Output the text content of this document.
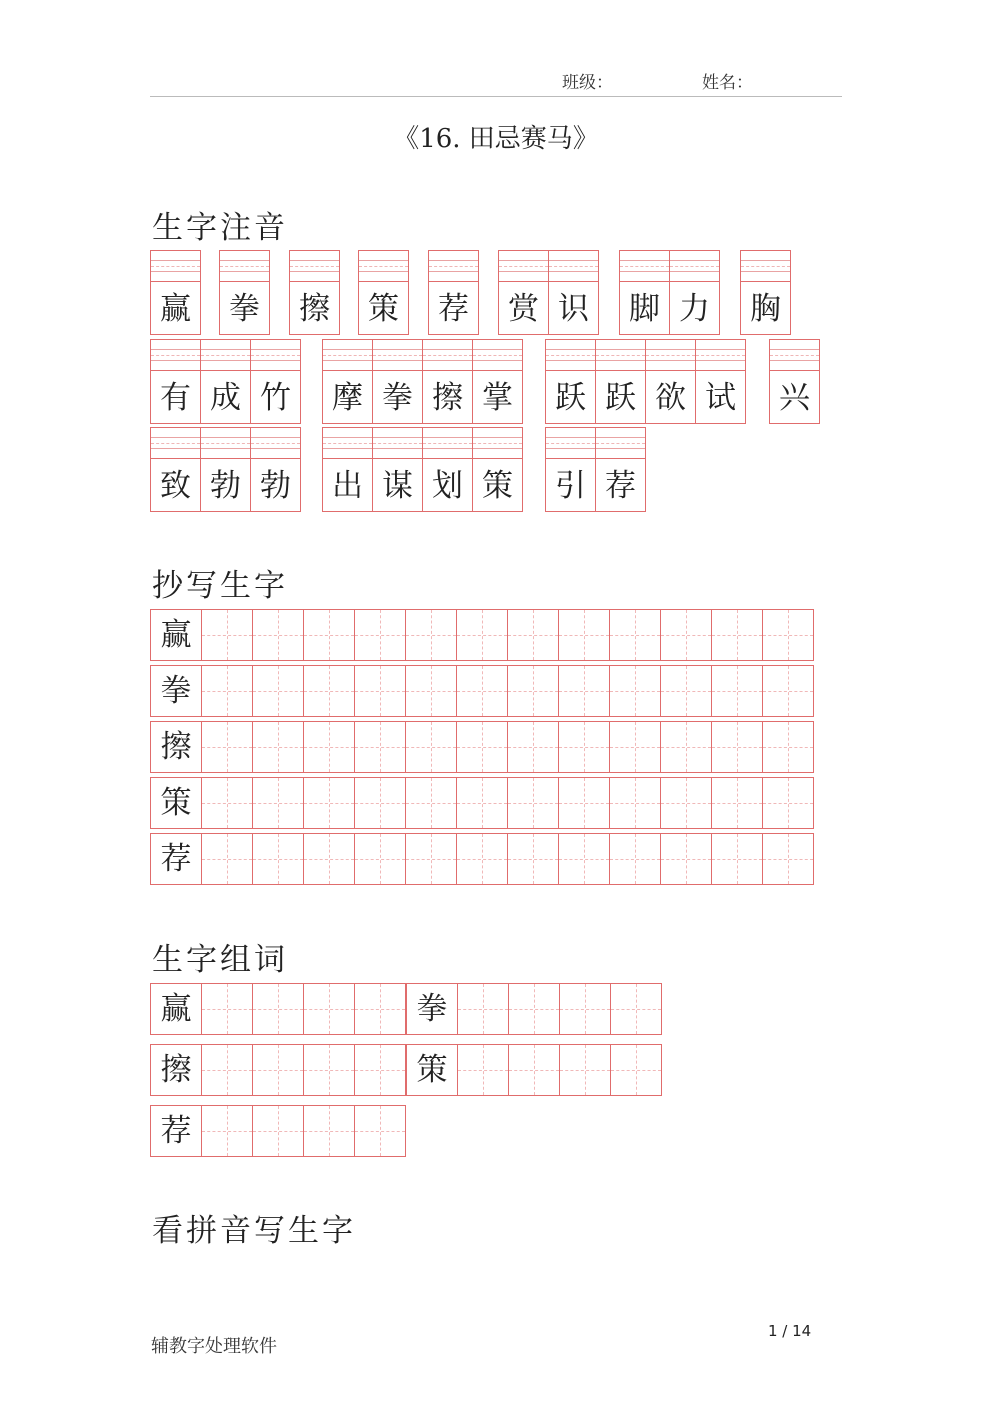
班级：	姓名：
《16. 田忌赛马》
生字注音
赢	拳	擦	策	荐	赏 识	脚 力	胸
有 成 竹	摩 拳 擦 掌	跃 跃 欲 试	兴
致 勃 勃	出 谋 划 策	引 荐
抄写生字
赢
拳
擦
策
荐
生字组词
赢	拳
擦	策
荐
看拼音写生字
辅教字处理软件
1 / 14
